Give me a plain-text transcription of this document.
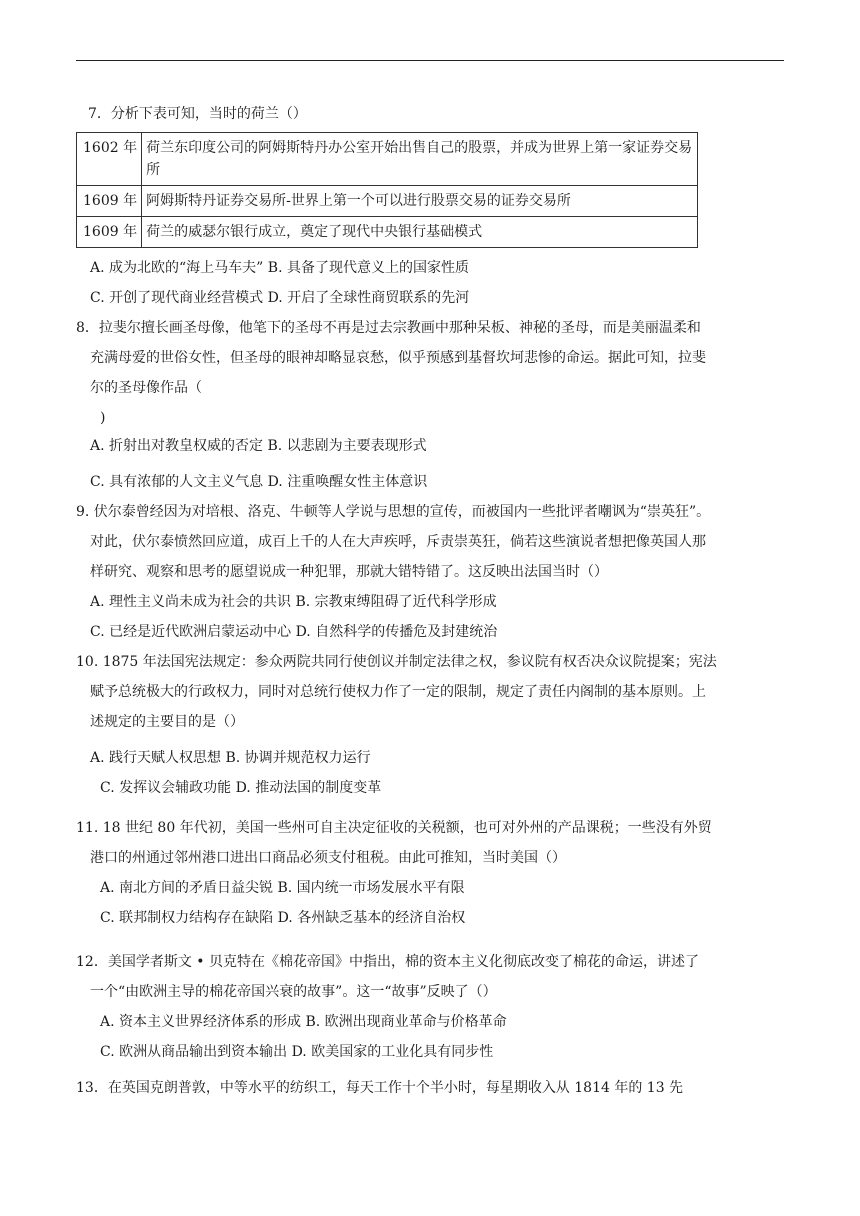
7．分析下表可知，当时的荷兰（）
1602 年	荷兰东印度公司的阿姆斯特丹办公室开始出售自己的股票，并成为世界上第一家证券交易所
1609 年	阿姆斯特丹证券交易所-世界上第一个可以进行股票交易的证券交易所
1609 年	荷兰的威瑟尔银行成立，奠定了现代中央银行基础模式
A. 成为北欧的“海上马车夫” B. 具备了现代意义上的国家性质
C. 开创了现代商业经营模式 D. 开启了全球性商贸联系的先河
8．拉斐尔擅长画圣母像，他笔下的圣母不再是过去宗教画中那种呆板、神秘的圣母，而是美丽温柔和
充满母爱的世俗女性，但圣母的眼神却略显哀愁，似乎预感到基督坎坷悲惨的命运。据此可知，拉斐
尔的圣母像作品（
)
A. 折射出对教皇权威的否定 B. 以悲剧为主要表现形式
C. 具有浓郁的人文主义气息 D. 注重唤醒女性主体意识
9. 伏尔泰曾经因为对培根、洛克、牛顿等人学说与思想的宣传，而被国内一些批评者嘲讽为“崇英狂”。
对此，伏尔泰愤然回应道，成百上千的人在大声疾呼，斥责崇英狂，倘若这些演说者想把像英国人那
样研究、观察和思考的愿望说成一种犯罪，那就大错特错了。这反映出法国当时（）
A. 理性主义尚未成为社会的共识 B. 宗教束缚阻碍了近代科学形成
C. 已经是近代欧洲启蒙运动中心 D. 自然科学的传播危及封建统治
10. 1875 年法国宪法规定：参众两院共同行使创议并制定法律之权，参议院有权否决众议院提案；宪法
赋予总统极大的行政权力，同时对总统行使权力作了一定的限制，规定了责任内阁制的基本原则。上
述规定的主要目的是（）
A. 践行天赋人权思想 B. 协调并规范权力运行
C. 发挥议会辅政功能 D. 推动法国的制度变革
11. 18 世纪 80 年代初，美国一些州可自主决定征收的关税额，也可对外州的产品课税；一些没有外贸
港口的州通过邻州港口进出口商品必须支付租税。由此可推知，当时美国（）
A. 南北方间的矛盾日益尖锐 B. 国内统一市场发展水平有限
C. 联邦制权力结构存在缺陷 D. 各州缺乏基本的经济自治权
12．美国学者斯文 • 贝克特在《棉花帝国》中指出，棉的资本主义化彻底改变了棉花的命运，讲述了
一个“由欧洲主导的棉花帝国兴衰的故事”。这一“故事”反映了（）
A. 资本主义世界经济体系的形成 B. 欧洲出现商业革命与价格革命
C. 欧洲从商品输出到资本输出 D. 欧美国家的工业化具有同步性
13．在英国克朗普敦，中等水平的纺织工，每天工作十个半小时，每星期收入从 1814 年的 13 先
